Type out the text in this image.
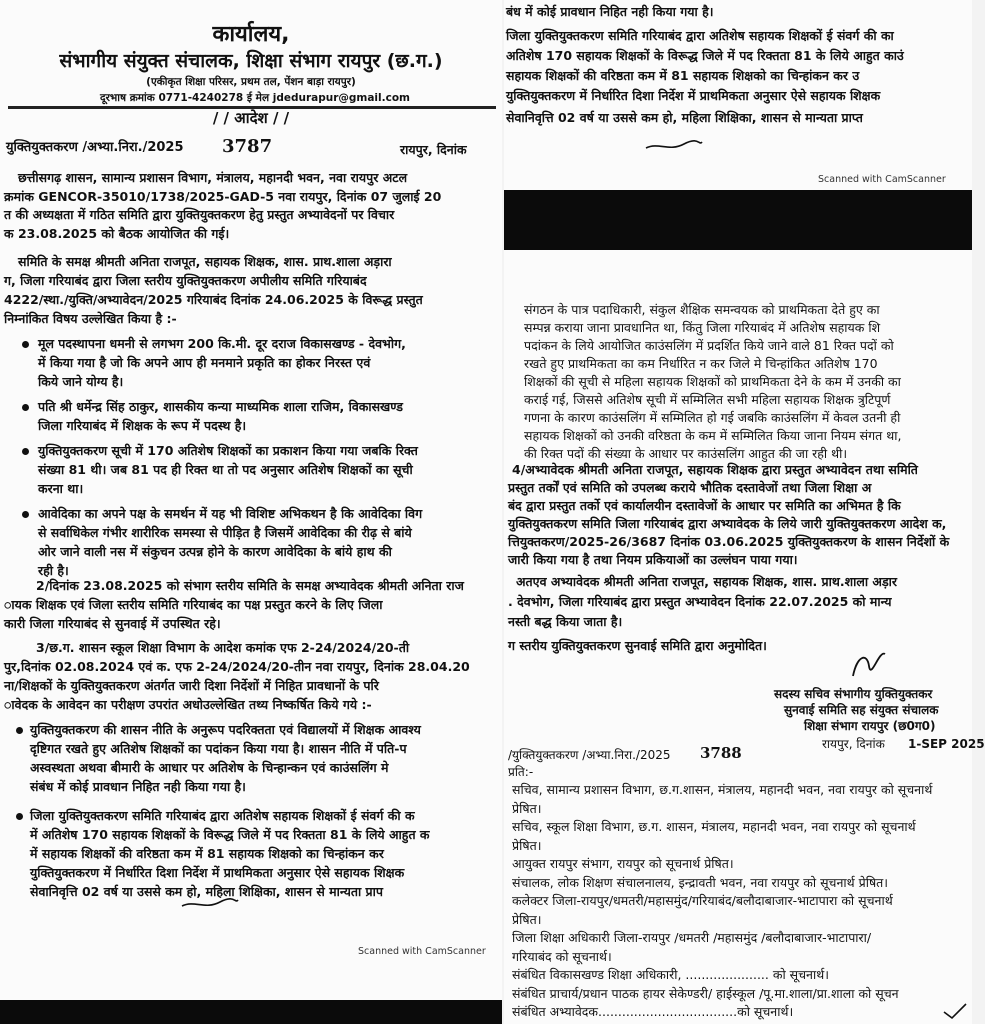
कार्यालय,
संभागीय संयुक्त संचालक, शिक्षा संभाग रायपुर (छ.ग.)
(एकीकृत शिक्षा परिसर, प्रथम तल, पेंशन बाड़ा रायपुर)
दूरभाष क्रमांक 0771-4240278 ई मेल jdedurapur@gmail.com
/ / आदेश / /
युक्तियुक्तकरण /अभ्या.निरा./2025 3787	रायपुर, दिनांक
छत्तीसगढ़ शासन, सामान्य प्रशासन विभाग, मंत्रालय, महानदी भवन, नवा रायपुर अटल
क्रमांक GENCOR-35010/1738/2025-GAD-5 नवा रायपुर, दिनांक 07 जुलाई 20
त की अध्यक्षता में गठित समिति द्वारा युक्तियुक्तकरण हेतु प्रस्तुत अभ्यावेदनों पर विचार
क 23.08.2025 को बैठक आयोजित की गई।
समिति के समक्ष श्रीमती अनिता राजपूत, सहायक शिक्षक, शास. प्राथ.शाला अड़ारा
ग, जिला गरियाबंद द्वारा जिला स्तरीय युक्तियुक्तकरण अपीलीय समिति गरियाबंद
4222/स्था./युक्ति/अभ्यावेदन/2025 गरियाबंद दिनांक 24.06.2025 के विरूद्ध प्रस्तुत
निम्नांकित विषय उल्लेखित किया है :-
मूल पदस्थापना धमनी से लगभग 200 कि.मी. दूर दराज विकासखण्ड - देवभोग,
में किया गया है जो कि अपने आप ही मनमाने प्रकृति का होकर निरस्त एवं
किये जाने योग्य है।
पति श्री धर्मेन्द्र सिंह ठाकुर, शासकीय कन्या माध्यमिक शाला राजिम, विकासखण्ड
जिला गरियाबंद में शिक्षक के रूप में पदस्थ है।
युक्तियुक्तकरण सूची में 170 अतिशेष शिक्षकों का प्रकाशन किया गया जबकि रिक्त
संख्या 81 थी। जब 81 पद ही रिक्त था तो पद अनुसार अतिशेष शिक्षकों का सूची
करना था।
आवेदिका का अपने पक्ष के समर्थन में यह भी विशिष्ट अभिकथन है कि आवेदिका विग
से सर्वाधिकेल गंभीर शारीरिक समस्या से पीड़ित है जिसमें आवेदिका की रीढ़ से बांये
ओर जाने वाली नस में संकुचन उत्पन्न होने के कारण आवेदिका के बांये हाथ की
रही है।
2/दिनांक 23.08.2025 को संभाग स्तरीय समिति के समक्ष अभ्यावेदक श्रीमती अनिता राज
ायक शिक्षक एवं जिला स्तरीय समिति गरियाबंद का पक्ष प्रस्तुत करने के लिए जिला
कारी जिला गरियाबंद से सुनवाई में उपस्थित रहे।
3/छ.ग. शासन स्कूल शिक्षा विभाग के आदेश कमांक एफ 2-24/2024/20-ती
पुर,दिनांक 02.08.2024 एवं क. एफ 2-24/2024/20-तीन नवा रायपुर, दिनांक 28.04.20
ना/शिक्षकों के युक्तियुक्तकरण अंतर्गत जारी दिशा निर्देशों में निहित प्रावधानों के परि
ावेदक के आवेदन का परीक्षण उपरांत अधोउल्लेखित तथ्य निष्कर्षित किये गये :-
युक्तियुक्तकरण की शासन नीति के अनुरूप पदरिक्तता एवं विद्यालयों में शिक्षक आवश्य
दृष्टिगत रखते हुए अतिशेष शिक्षकों का पदांकन किया गया है। शासन नीति में पति-प
अस्वस्थता अथवा बीमारी के आधार पर अतिशेष के चिन्हान्कन एवं काउंसलिंग मे
संबंध में कोई प्रावधान निहित नही किया गया है।
जिला युक्तियुक्तकरण समिति गरियाबंद द्वारा अतिशेष सहायक शिक्षकों ई संवर्ग की क
में अतिशेष 170 सहायक शिक्षकों के विरूद्ध जिले में पद रिक्तता 81 के लिये आहुत क
में सहायक शिक्षकों की वरिष्ठता कम में 81 सहायक शिक्षको का चिन्हांकन कर
युक्तियुक्तकरण में निर्धारित दिशा निर्देश में प्राथमिकता अनुसार ऐसे सहायक शिक्षक
सेवानिवृत्ति 02 वर्ष या उससे कम हो, महिला शिक्षिका, शासन से मान्यता प्राप
Scanned with CamScanner
बंध में कोई प्रावधान निहित नही किया गया है।
जिला युक्तियुक्तकरण समिति गरियाबंद द्वारा अतिशेष सहायक शिक्षकों ई संवर्ग की का
अतिशेष 170 सहायक शिक्षकों के विरूद्ध जिले में पद रिक्तता 81 के लिये आहुत काउं
सहायक शिक्षकों की वरिष्ठता कम में 81 सहायक शिक्षको का चिन्हांकन कर उ
युक्तियुक्तकरण में निर्धारित दिशा निर्देश में प्राथमिकता अनुसार ऐसे सहायक शिक्षक
सेवानिवृत्ति 02 वर्ष या उससे कम हो, महिला शिक्षिका, शासन से मान्यता प्राप्त
Scanned with CamScanner
संगठन के पात्र पदाधिकारी, संकुल शैक्षिक समन्वयक को प्राथमिकता देते हुए का
सम्पन्न कराया जाना प्रावधानित था, किंतु जिला गरियाबंद में अतिशेष सहायक शि
पदांकन के लिये आयोजित काउंसलिंग में प्रदर्शित किये जाने वाले 81 रिक्त पदों को
रखते हुए प्राथमिकता का कम निर्धारित न कर जिले मे चिन्हांकित अतिशेष 170
शिक्षकों की सूची से महिला सहायक शिक्षकों को प्राथमिकता देने के कम में उनकी का
कराई गई, जिससे अतिशेष सूची में सम्मिलित सभी महिला सहायक शिक्षक त्रुटिपूर्ण
गणना के कारण काउंसलिंग में सम्मिलित हो गई जबकि काउंसलिंग में केवल उतनी ही
सहायक शिक्षकों को उनकी वरिष्ठता के कम में सम्मिलित किया जाना नियम संगत था,
की रिक्त पदों की संख्या के आधार पर काउंसलिंग आहुत की जा रही थी।
4/अभ्यावेदक श्रीमती अनिता राजपूत, सहायक शिक्षक द्वारा प्रस्तुत अभ्यावेदन तथा समिति
प्रस्तुत तर्कों एवं समिति को उपलब्ध कराये भौतिक दस्तावेजों तथा जिला शिक्षा अ
बंद द्वारा प्रस्तुत तर्को एवं कार्यालयीन दस्तावेजों के आधार पर समिति का अभिमत है कि
युक्तियुक्तकरण समिति जिला गरियाबंद द्वारा अभ्यावेदक के लिये जारी युक्तियुक्तकरण आदेश क,
त्तियुक्तकरण/2025-26/3687 दिनांक 03.06.2025 युक्तियुक्तकरण के शासन निर्देशों के
जारी किया गया है तथा नियम प्रकियाओं का उल्लंघन पाया गया।
अतएव अभ्यावेदक श्रीमती अनिता राजपूत, सहायक शिक्षक, शास. प्राथ.शाला अड़ार
. देवभोग, जिला गरियाबंद द्वारा प्रस्तुत अभ्यावेदन दिनांक 22.07.2025 को मान्य
नस्ती बद्ध किया जाता है।
ग स्तरीय युक्तियुक्तकरण सुनवाई समिति द्वारा अनुमोदित।
सदस्य सचिव संभागीय युक्तियुक्तकर
सुनवाई समिति सह संयुक्त संचालक
शिक्षा संभाग रायपुर (छ0ग0)
रायपुर, दिनांक 1-SEP 2025
/युक्तियुक्तकरण /अभ्या.निरा./2025 3788
प्रति:-
सचिव, सामान्य प्रशासन विभाग, छ.ग.शासन, मंत्रालय, महानदी भवन, नवा रायपुर को सूचनार्थ
प्रेषित।
सचिव, स्कूल शिक्षा विभाग, छ.ग. शासन, मंत्रालय, महानदी भवन, नवा रायपुर को सूचनार्थ
प्रेषित।
आयुक्त रायपुर संभाग, रायपुर को सूचनार्थ प्रेषित।
संचालक, लोक शिक्षण संचालनालय, इन्द्रावती भवन, नवा रायपुर को सूचनार्थ प्रेषित।
कलेक्टर जिला-रायपुर/धमतरी/महासमुंद/गरियाबंद/बलौदाबाजार-भाटापारा को सूचनार्थ
प्रेषित।
जिला शिक्षा अधिकारी जिला-रायपुर /धमतरी /महासमुंद /बलौदाबाजार-भाटापारा/
गरियाबंद को सूचनार्थ।
संबंधित विकासखण्ड शिक्षा अधिकारी, ..................... को सूचनार्थ।
संबंधित प्राचार्य/प्रधान पाठक हायर सेकेण्डरी/ हाईस्कूल /पू.मा.शाला/प्रा.शाला को सूचन
संबंधित अभ्यावेदक...................................को सूचनार्थ।
